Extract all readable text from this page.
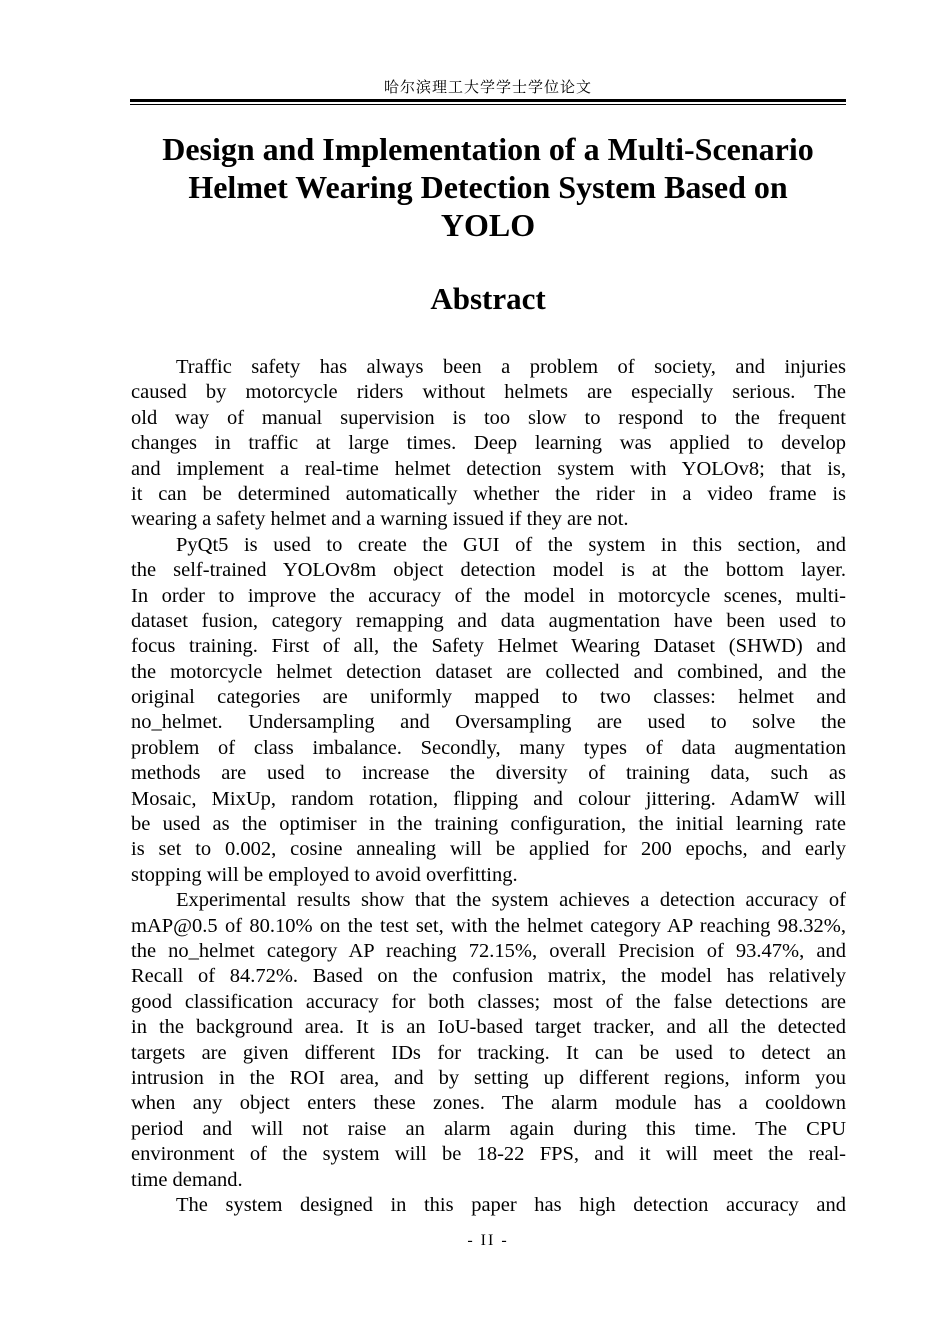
哈尔滨理工大学学士学位论文
Design and Implementation of a Multi-Scenario
Helmet Wearing Detection System Based on
YOLO
Abstract
Traffic safety has always been a problem of society, and injuries
caused by motorcycle riders without helmets are especially serious. The
old way of manual supervision is too slow to respond to the frequent
changes in traffic at large times. Deep learning was applied to develop
and implement a real-time helmet detection system with YOLOv8; that is,
it can be determined automatically whether the rider in a video frame is
wearing a safety helmet and a warning issued if they are not.
PyQt5 is used to create the GUI of the system in this section, and
the self-trained YOLOv8m object detection model is at the bottom layer.
In order to improve the accuracy of the model in motorcycle scenes, multi-
dataset fusion, category remapping and data augmentation have been used to
focus training. First of all, the Safety Helmet Wearing Dataset (SHWD) and
the motorcycle helmet detection dataset are collected and combined, and the
original categories are uniformly mapped to two classes: helmet and
no_helmet. Undersampling and Oversampling are used to solve the
problem of class imbalance. Secondly, many types of data augmentation
methods are used to increase the diversity of training data, such as
Mosaic, MixUp, random rotation, flipping and colour jittering. AdamW will
be used as the optimiser in the training configuration, the initial learning rate
is set to 0.002, cosine annealing will be applied for 200 epochs, and early
stopping will be employed to avoid overfitting.
Experimental results show that the system achieves a detection accuracy of
mAP@0.5 of 80.10% on the test set, with the helmet category AP reaching 98.32%,
the no_helmet category AP reaching 72.15%, overall Precision of 93.47%, and
Recall of 84.72%. Based on the confusion matrix, the model has relatively
good classification accuracy for both classes; most of the false detections are
in the background area. It is an IoU-based target tracker, and all the detected
targets are given different IDs for tracking. It can be used to detect an
intrusion in the ROI area, and by setting up different regions, inform you
when any object enters these zones. The alarm module has a cooldown
period and will not raise an alarm again during this time. The CPU
environment of the system will be 18-22 FPS, and it will meet the real-
time demand.
The system designed in this paper has high detection accuracy and
- II -
